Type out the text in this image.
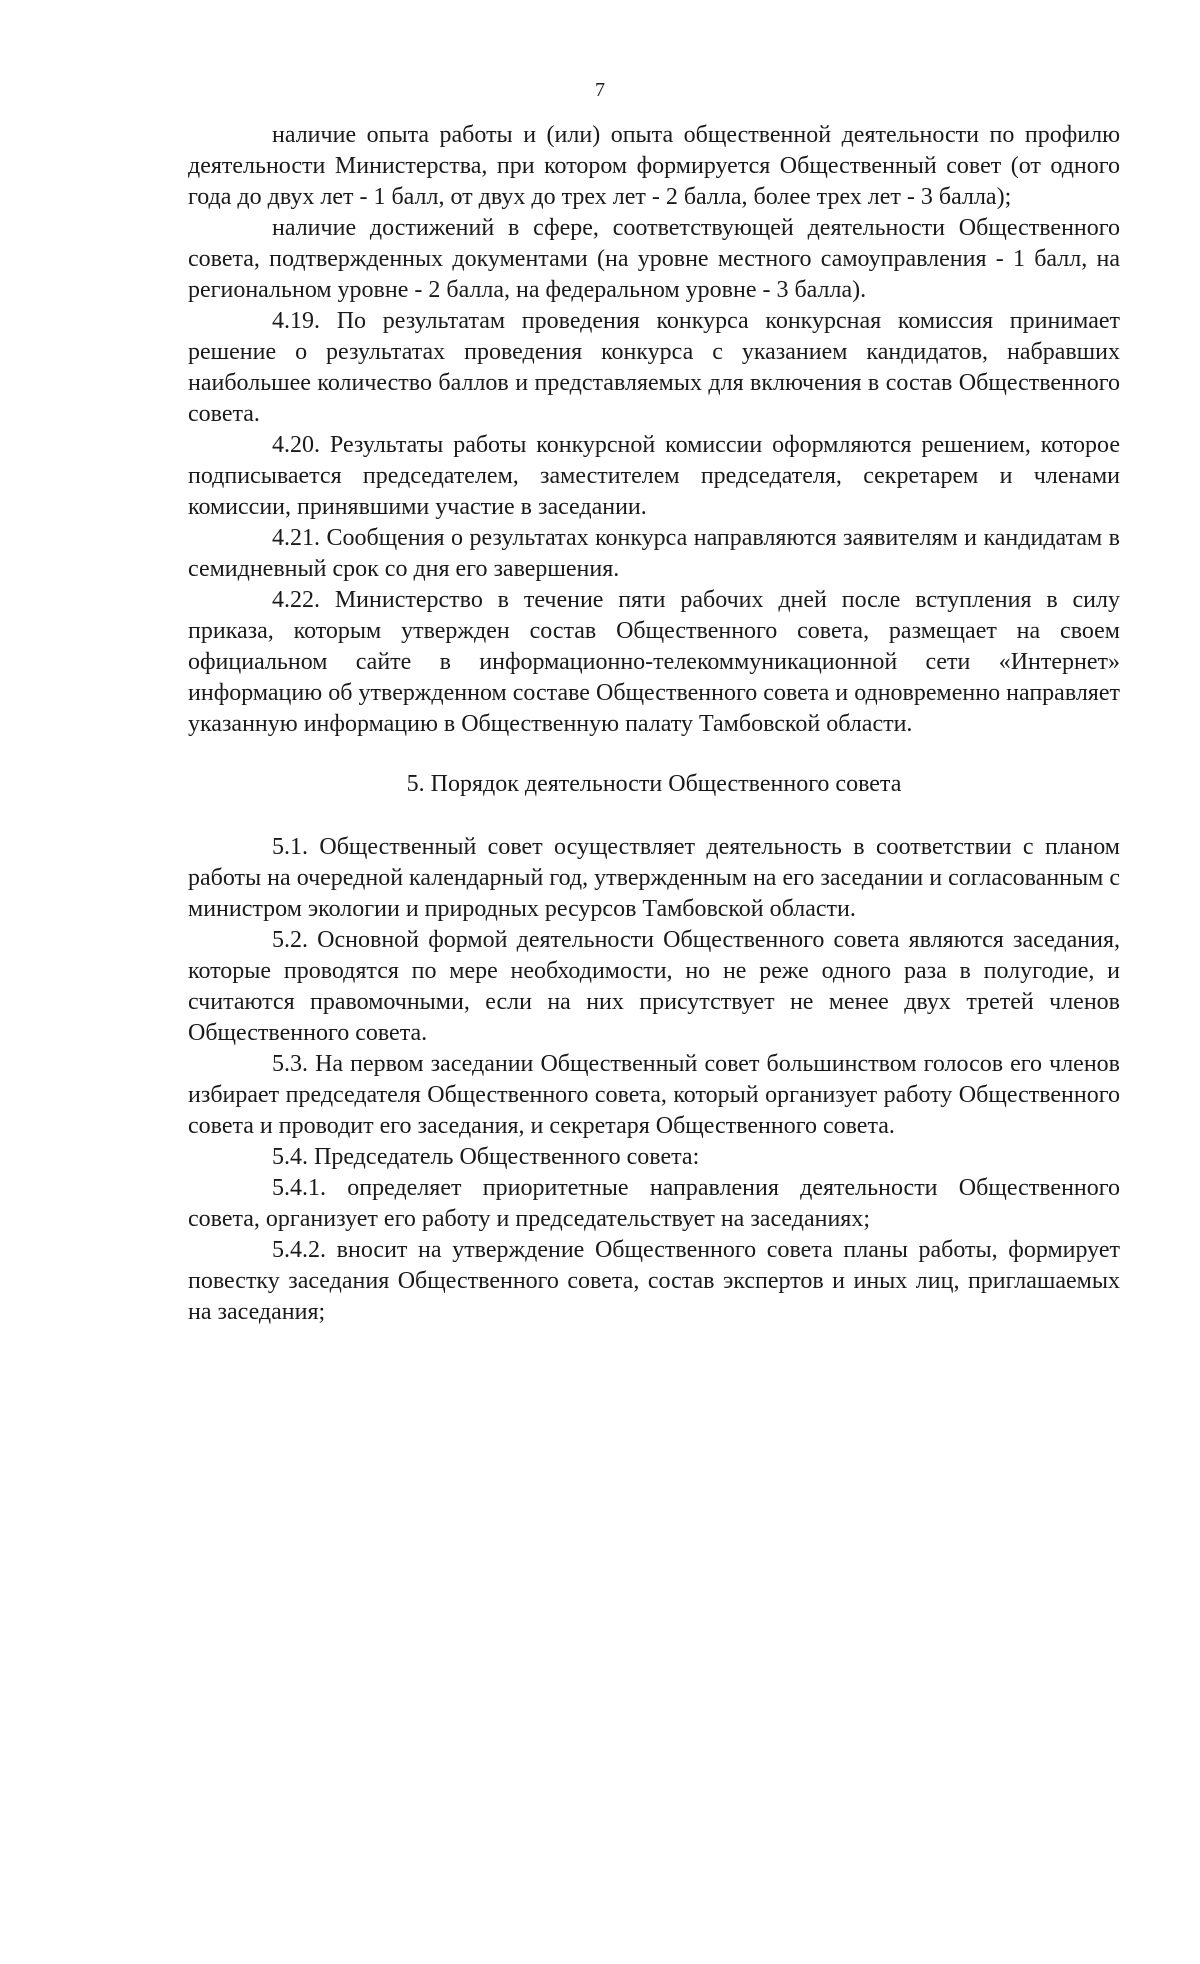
7

наличие опыта работы и (или) опыта общественной деятельности по профилю деятельности Министерства, при котором формируется Общественный совет (от одного года до двух лет - 1 балл, от двух до трех лет - 2 балла, более трех лет - 3 балла);

наличие достижений в сфере, соответствующей деятельности Общественного совета, подтвержденных документами (на уровне местного самоуправления - 1 балл, на региональном уровне - 2 балла, на федеральном уровне - 3 балла).

4.19. По результатам проведения конкурса конкурсная комиссия принимает решение о результатах проведения конкурса с указанием кандидатов, набравших наибольшее количество баллов и представляемых для включения в состав Общественного совета.

4.20. Результаты работы конкурсной комиссии оформляются решением, которое подписывается председателем, заместителем председателя, секретарем и членами комиссии, принявшими участие в заседании.

4.21. Сообщения о результатах конкурса направляются заявителям и кандидатам в семидневный срок со дня его завершения.

4.22. Министерство в течение пяти рабочих дней после вступления в силу приказа, которым утвержден состав Общественного совета, размещает на своем официальном сайте в информационно-телекоммуникационной сети «Интернет» информацию об утвержденном составе Общественного совета и одновременно направляет указанную информацию в Общественную палату Тамбовской области.

5. Порядок деятельности Общественного совета

5.1. Общественный совет осуществляет деятельность в соответствии с планом работы на очередной календарный год, утвержденным на его заседании и согласованным с министром экологии и природных ресурсов Тамбовской области.

5.2. Основной формой деятельности Общественного совета являются заседания, которые проводятся по мере необходимости, но не реже одного раза в полугодие, и считаются правомочными, если на них присутствует не менее двух третей членов Общественного совета.

5.3. На первом заседании Общественный совет большинством голосов его членов избирает председателя Общественного совета, который организует работу Общественного совета и проводит его заседания, и секретаря Общественного совета.

5.4. Председатель Общественного совета:

5.4.1. определяет приоритетные направления деятельности Общественного совета, организует его работу и председательствует на заседаниях;

5.4.2. вносит на утверждение Общественного совета планы работы, формирует повестку заседания Общественного совета, состав экспертов и иных лиц, приглашаемых на заседания;
